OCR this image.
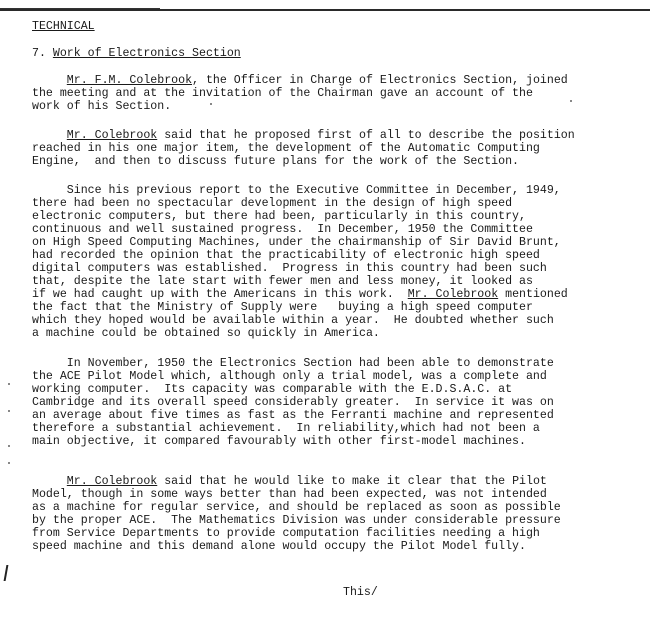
TECHNICAL
7. Work of Electronics Section
Mr. F.M. Colebrook, the Officer in Charge of Electronics Section, joined
the meeting and at the invitation of the Chairman gave an account of the
work of his Section.
Mr. Colebrook said that he proposed first of all to describe the position
reached in his one major item, the development of the Automatic Computing
Engine,  and then to discuss future plans for the work of the Section.
Since his previous report to the Executive Committee in December, 1949,
there had been no spectacular development in the design of high speed
electronic computers, but there had been, particularly in this country,
continuous and well sustained progress.  In December, 1950 the Committee
on High Speed Computing Machines, under the chairmanship of Sir David Brunt,
had recorded the opinion that the practicability of electronic high speed
digital computers was established.  Progress in this country had been such
that, despite the late start with fewer men and less money, it looked as
if we had caught up with the Americans in this work.  Mr. Colebrook mentioned
the fact that the Ministry of Supply were   buying a high speed computer
which they hoped would be available within a year.  He doubted whether such
a machine could be obtained so quickly in America.
In November, 1950 the Electronics Section had been able to demonstrate
the ACE Pilot Model which, although only a trial model, was a complete and
working computer.  Its capacity was comparable with the E.D.S.A.C. at
Cambridge and its overall speed considerably greater.  In service it was on
an average about five times as fast as the Ferranti machine and represented
therefore a substantial achievement.  In reliability,which had not been a
main objective, it compared favourably with other first-model machines.
Mr. Colebrook said that he would like to make it clear that the Pilot
Model, though in some ways better than had been expected, was not intended
as a machine for regular service, and should be replaced as soon as possible
by the proper ACE.  The Mathematics Division was under considerable pressure
from Service Departments to provide computation facilities needing a high
speed machine and this demand alone would occupy the Pilot Model fully.
This/
